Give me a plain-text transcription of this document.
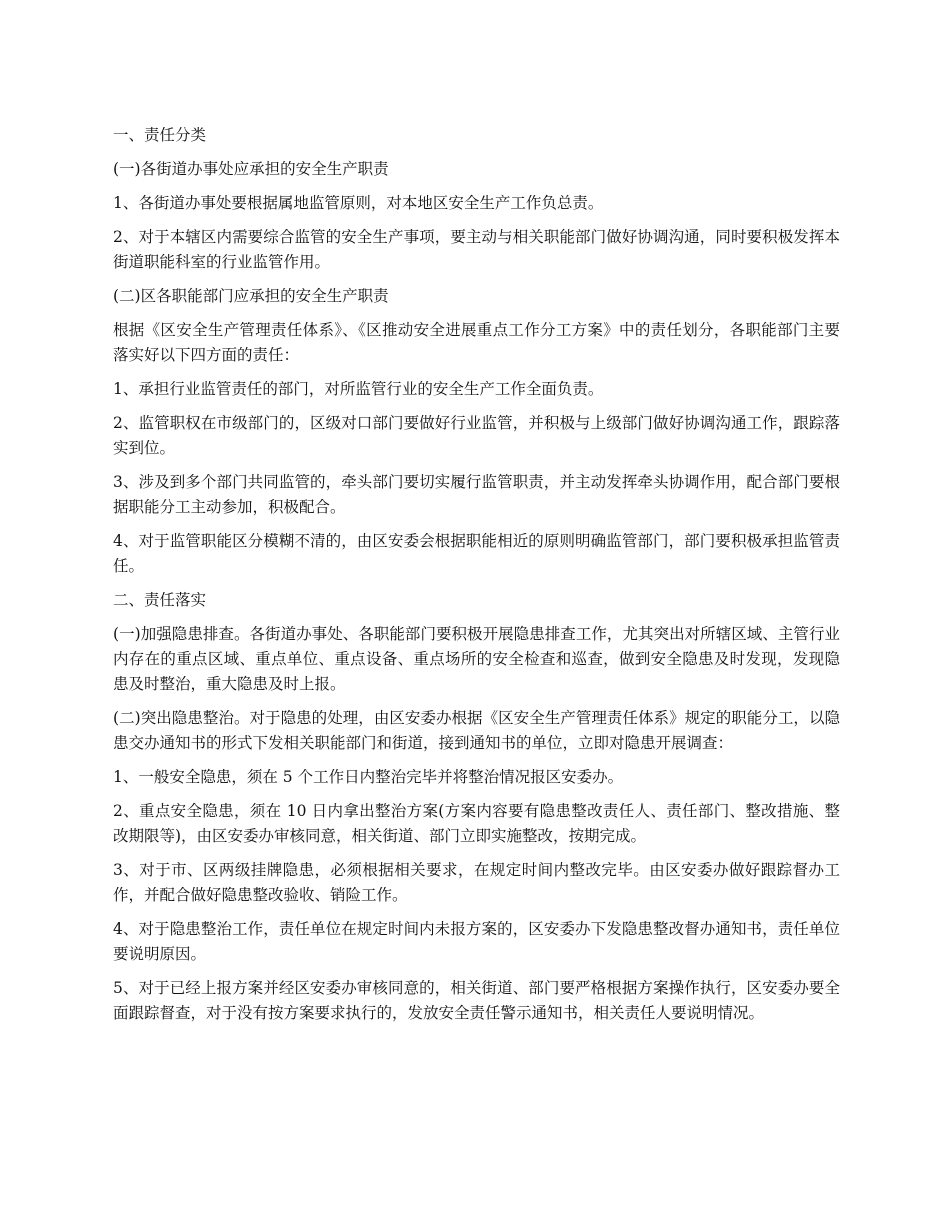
一、责任分类

(一)各街道办事处应承担的安全生产职责

1、各街道办事处要根据属地监管原则，对本地区安全生产工作负总责。

2、对于本辖区内需要综合监管的安全生产事项，要主动与相关职能部门做好协调沟通，同时要积极发挥本街道职能科室的行业监管作用。

(二)区各职能部门应承担的安全生产职责

根据《区安全生产管理责任体系》、《区推动安全进展重点工作分工方案》中的责任划分，各职能部门主要落实好以下四方面的责任：

1、承担行业监管责任的部门，对所监管行业的安全生产工作全面负责。

2、监管职权在市级部门的，区级对口部门要做好行业监管，并积极与上级部门做好协调沟通工作，跟踪落实到位。

3、涉及到多个部门共同监管的，牵头部门要切实履行监管职责，并主动发挥牵头协调作用，配合部门要根据职能分工主动参加，积极配合。

4、对于监管职能区分模糊不清的，由区安委会根据职能相近的原则明确监管部门，部门要积极承担监管责任。

二、责任落实

(一)加强隐患排查。各街道办事处、各职能部门要积极开展隐患排查工作，尤其突出对所辖区域、主管行业内存在的重点区域、重点单位、重点设备、重点场所的安全检查和巡查，做到安全隐患及时发现，发现隐患及时整治，重大隐患及时上报。

(二)突出隐患整治。对于隐患的处理，由区安委办根据《区安全生产管理责任体系》规定的职能分工，以隐患交办通知书的形式下发相关职能部门和街道，接到通知书的单位，立即对隐患开展调查：

1、一般安全隐患，须在 5 个工作日内整治完毕并将整治情况报区安委办。

2、重点安全隐患，须在 10 日内拿出整治方案(方案内容要有隐患整改责任人、责任部门、整改措施、整改期限等)，由区安委办审核同意，相关街道、部门立即实施整改，按期完成。

3、对于市、区两级挂牌隐患，必须根据相关要求，在规定时间内整改完毕。由区安委办做好跟踪督办工作，并配合做好隐患整改验收、销险工作。

4、对于隐患整治工作，责任单位在规定时间内未报方案的，区安委办下发隐患整改督办通知书，责任单位要说明原因。

5、对于已经上报方案并经区安委办审核同意的，相关街道、部门要严格根据方案操作执行，区安委办要全面跟踪督查，对于没有按方案要求执行的，发放安全责任警示通知书，相关责任人要说明情况。
